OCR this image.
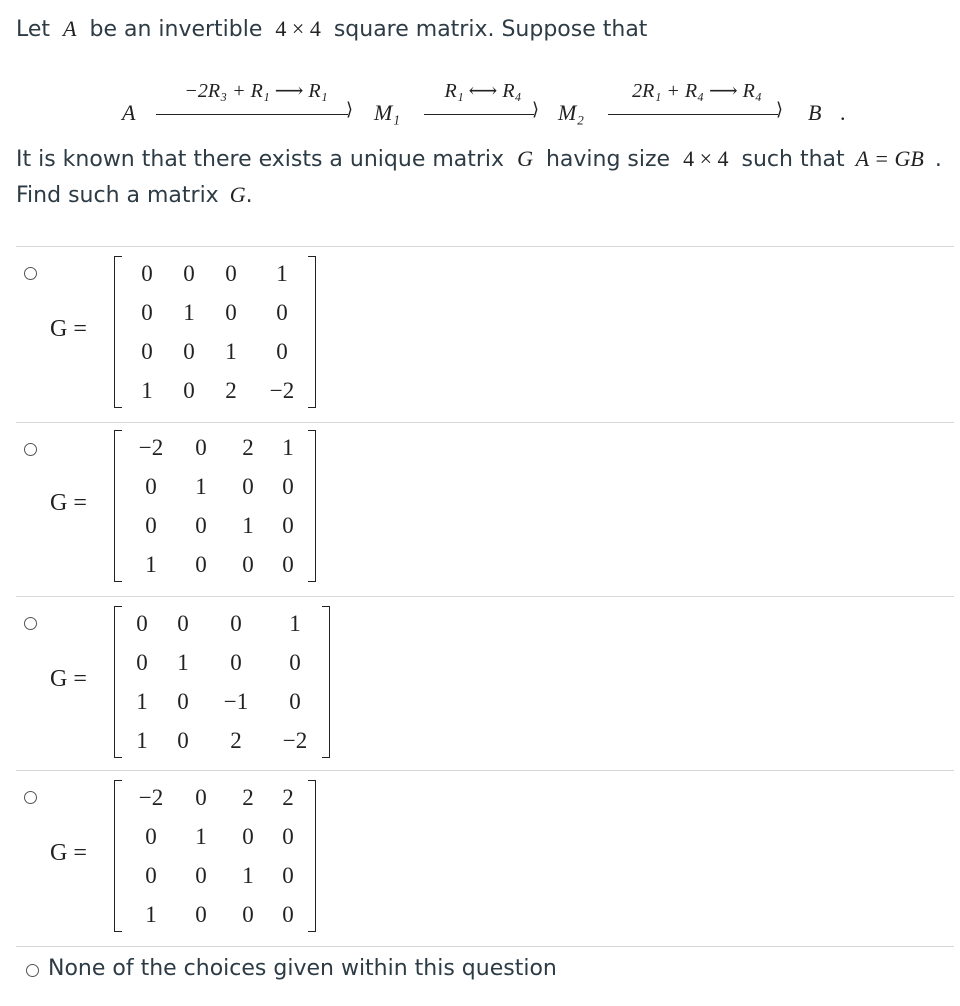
Let A be an invertible 4 × 4 square matrix. Suppose that
A
−2R₃ + R₁ ⟶ R₁
M₁
R₁ ⟷ R₄
M₂
2R₁ + R₄ ⟶ R₄
B .
It is known that there exists a unique matrix G having size 4 × 4 such that A = GB .
Find such a matrix G.
G =
0	0	0	1
0	1	0	0
0	0	1	0
1	0	2	−2
G =
−2	0	2	1
0	1	0	0
0	0	1	0
1	0	0	0
G =
0	0	0	1
0	1	0	0
1	0	−1	0
1	0	2	−2
G =
−2	0	2	2
0	1	0	0
0	0	1	0
1	0	0	0
None of the choices given within this question
